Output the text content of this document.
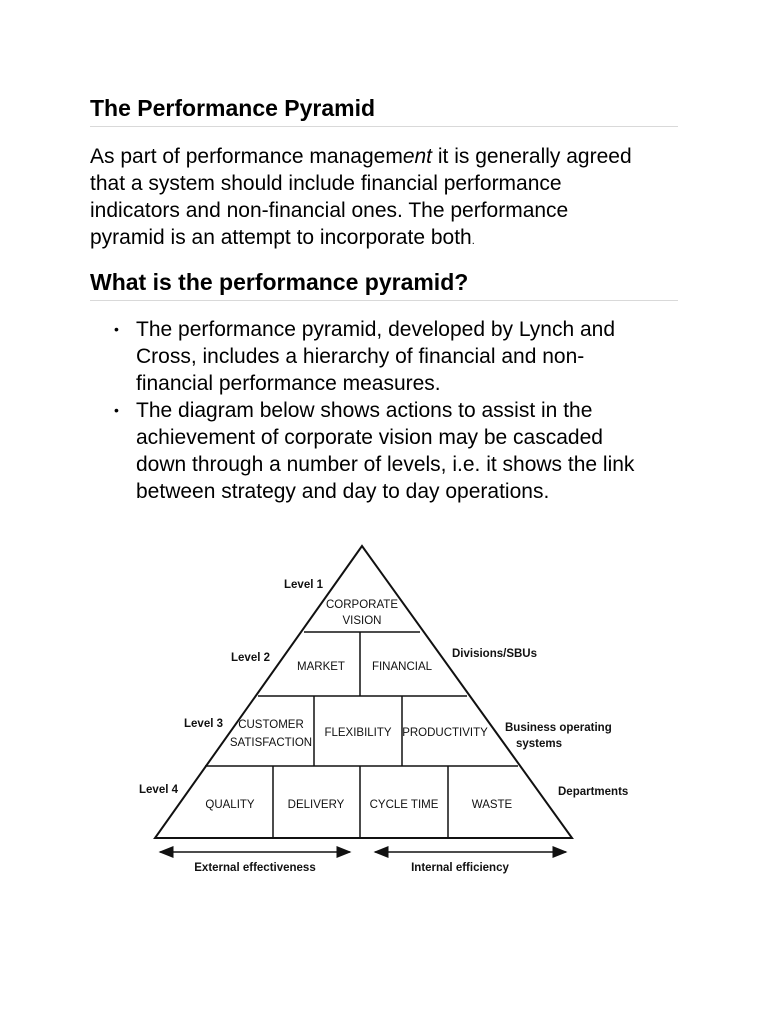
The Performance Pyramid

As part of performance management it is generally agreed
that a system should include financial performance
indicators and non-financial ones. The performance
pyramid is an attempt to incorporate both.

What is the performance pyramid?
• The performance pyramid, developed by Lynch and
Cross, includes a hierarchy of financial and non-
financial performance measures.
• The diagram below shows actions to assist in the
achievement of corporate vision may be cascaded
down through a number of levels, i.e. it shows the link
between strategy and day to day operations.
CORPORATE
VISION
MARKET FINANCIAL
CUSTOMER
SATISFACTION
FLEXIBILITY PRODUCTIVITY
QUALITY	DELIVERY CYCLE TIME	WASTE
Level 1
Level 2
Level 3
Level 4
Divisions/SBUs
Business operating
systems
Departments
External effectiveness	Internal efficiency
